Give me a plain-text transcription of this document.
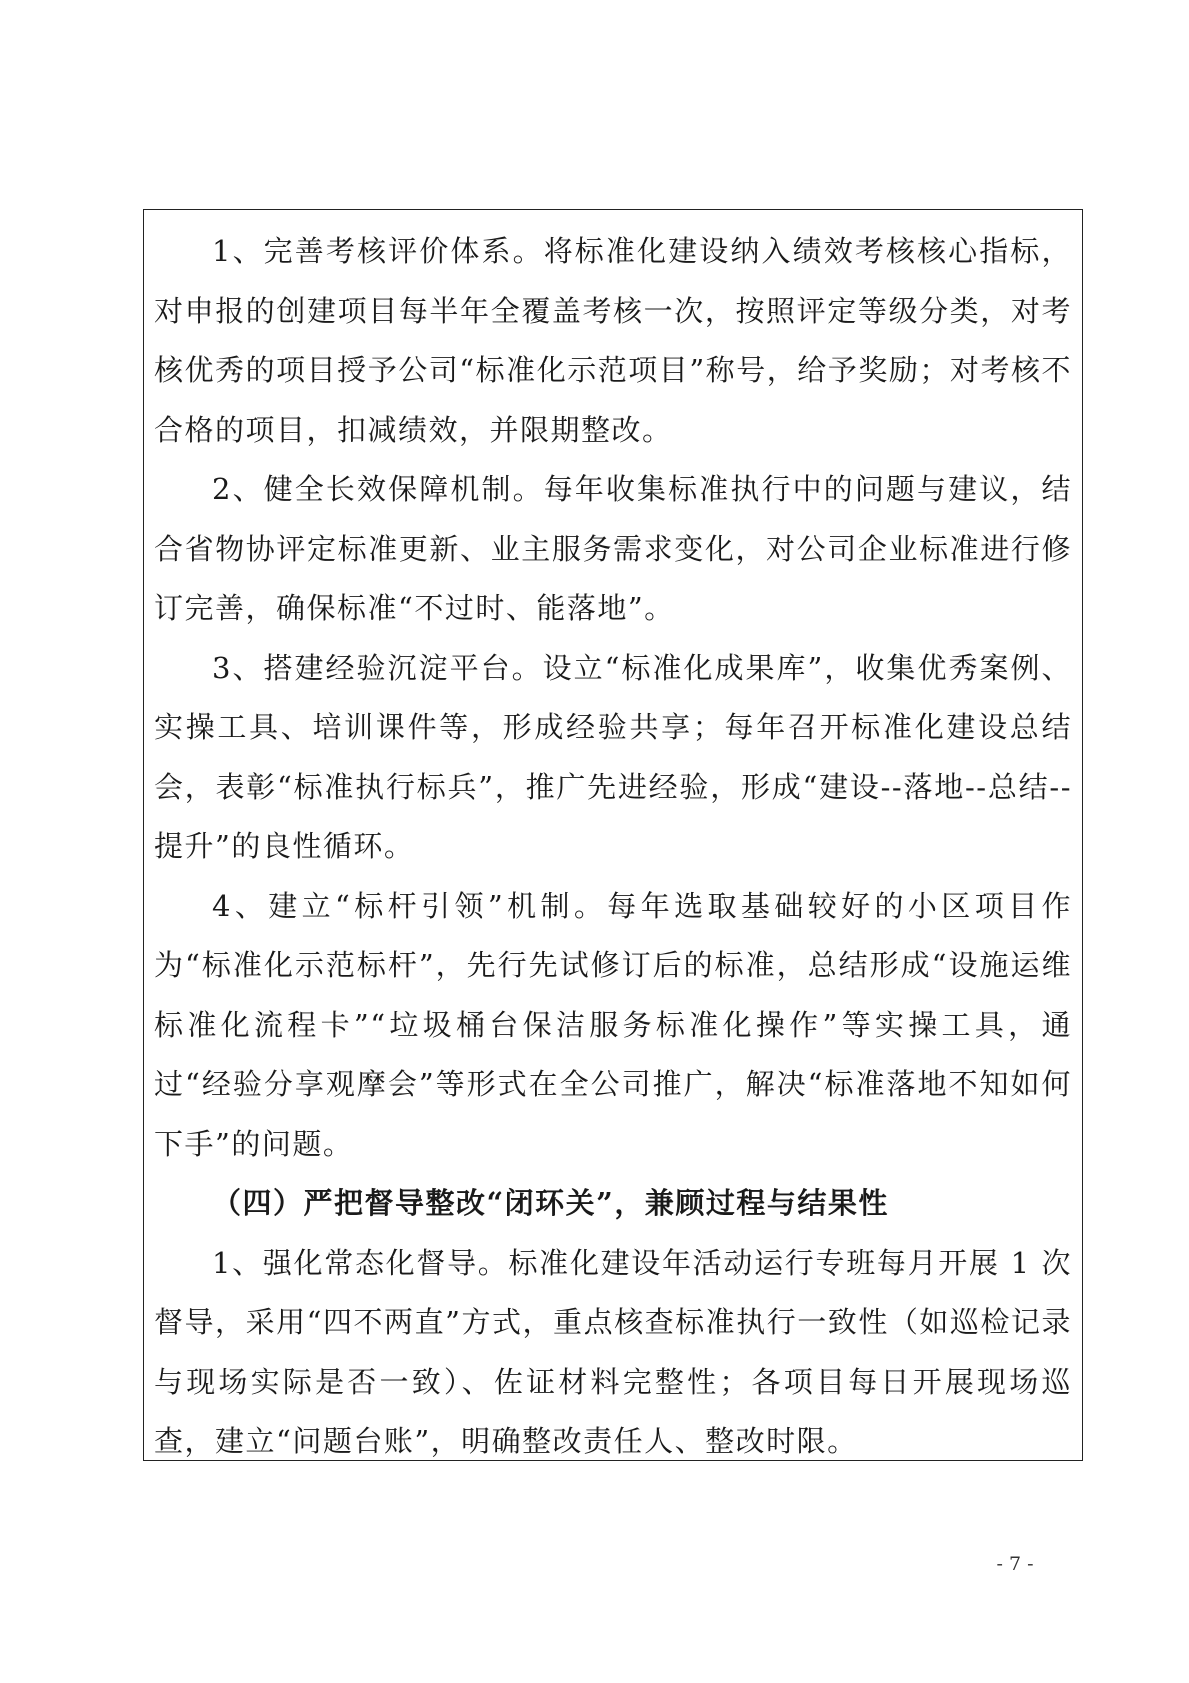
1、完善考核评价体系。将标准化建设纳入绩效考核核心指标，对申报的创建项目每半年全覆盖考核一次，按照评定等级分类，对考核优秀的项目授予公司“标准化示范项目”称号，给予奖励；对考核不合格的项目，扣减绩效，并限期整改。

2、健全长效保障机制。每年收集标准执行中的问题与建议，结合省物协评定标准更新、业主服务需求变化，对公司企业标准进行修订完善，确保标准“不过时、能落地”。

3、搭建经验沉淀平台。设立“标准化成果库”，收集优秀案例、实操工具、培训课件等，形成经验共享；每年召开标准化建设总结会，表彰“标准执行标兵”，推广先进经验，形成“建设--落地--总结--提升”的良性循环。

4、建立“标杆引领”机制。每年选取基础较好的小区项目作为“标准化示范标杆”，先行先试修订后的标准，总结形成“设施运维标准化流程卡”“垃圾桶台保洁服务标准化操作”等实操工具，通过“经验分享观摩会”等形式在全公司推广，解决“标准落地不知如何下手”的问题。

（四）严把督导整改“闭环关”，兼顾过程与结果性

1、强化常态化督导。标准化建设年活动运行专班每月开展 1 次督导，采用“四不两直”方式，重点核查标准执行一致性（如巡检记录与现场实际是否一致）、佐证材料完整性；各项目每日开展现场巡查，建立“问题台账”，明确整改责任人、整改时限。

- 7 -
